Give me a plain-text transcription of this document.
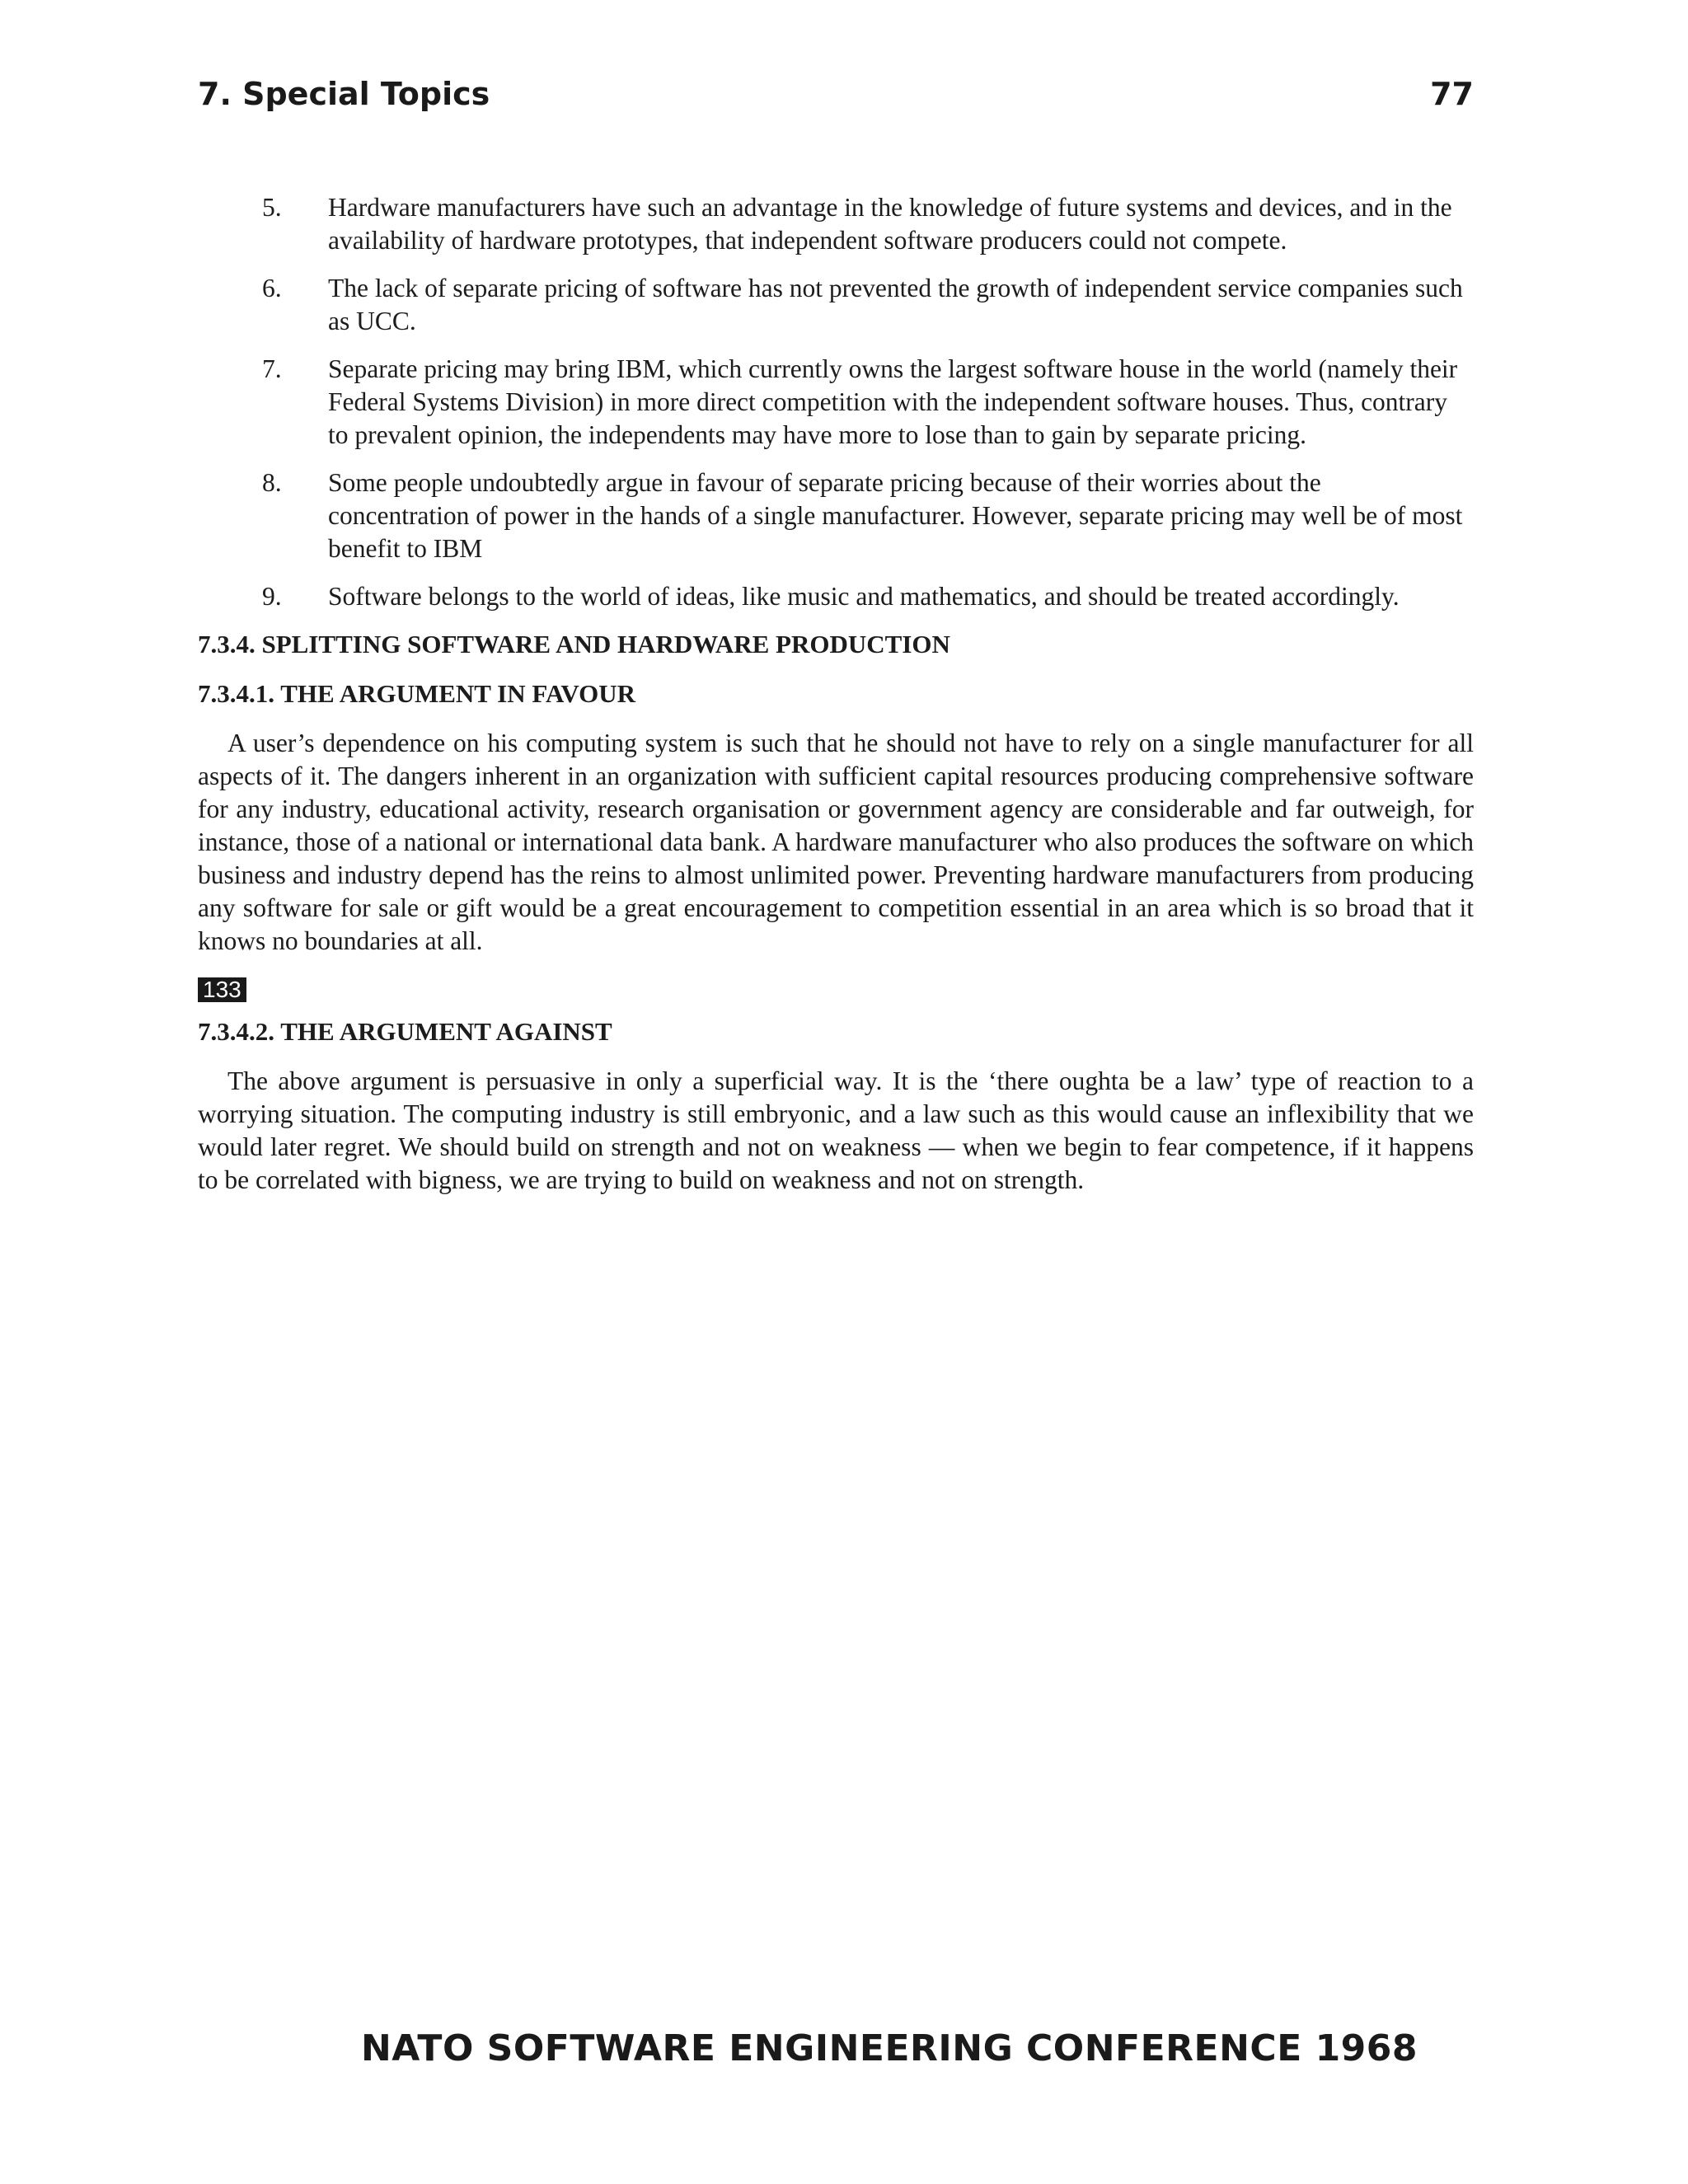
7. Special Topics	77
5. Hardware manufacturers have such an advantage in the knowledge of future systems and devices, and in the availability of hardware prototypes, that independent software producers could not compete.
6. The lack of separate pricing of software has not prevented the growth of independent service companies such as UCC.
7. Separate pricing may bring IBM, which currently owns the largest software house in the world (namely their Federal Systems Division) in more direct competition with the independent software houses. Thus, contrary to prevalent opinion, the independents may have more to lose than to gain by separate pricing.
8. Some people undoubtedly argue in favour of separate pricing because of their worries about the concentration of power in the hands of a single manufacturer. However, separate pricing may well be of most benefit to IBM
9. Software belongs to the world of ideas, like music and mathematics, and should be treated accordingly.
7.3.4. SPLITTING SOFTWARE AND HARDWARE PRODUCTION
7.3.4.1. THE ARGUMENT IN FAVOUR

A user’s dependence on his computing system is such that he should not have to rely on a single manufacturer for all aspects of it. The dangers inherent in an organization with sufficient capital resources producing comprehensive software for any industry, educational activity, research organisation or government agency are considerable and far outweigh, for instance, those of a national or international data bank. A hardware manufacturer who also produces the software on which business and industry depend has the reins to almost unlimited power. Preventing hardware manufacturers from producing any software for sale or gift would be a great encouragement to competition essential in an area which is so broad that it knows no boundaries at all.

133
7.3.4.2. THE ARGUMENT AGAINST

The above argument is persuasive in only a superficial way. It is the ‘there oughta be a law’ type of reaction to a worrying situation. The computing industry is still embryonic, and a law such as this would cause an inflexibility that we would later regret. We should build on strength and not on weakness — when we begin to fear competence, if it happens to be correlated with bigness, we are trying to build on weakness and not on strength.

NATO SOFTWARE ENGINEERING CONFERENCE 1968
